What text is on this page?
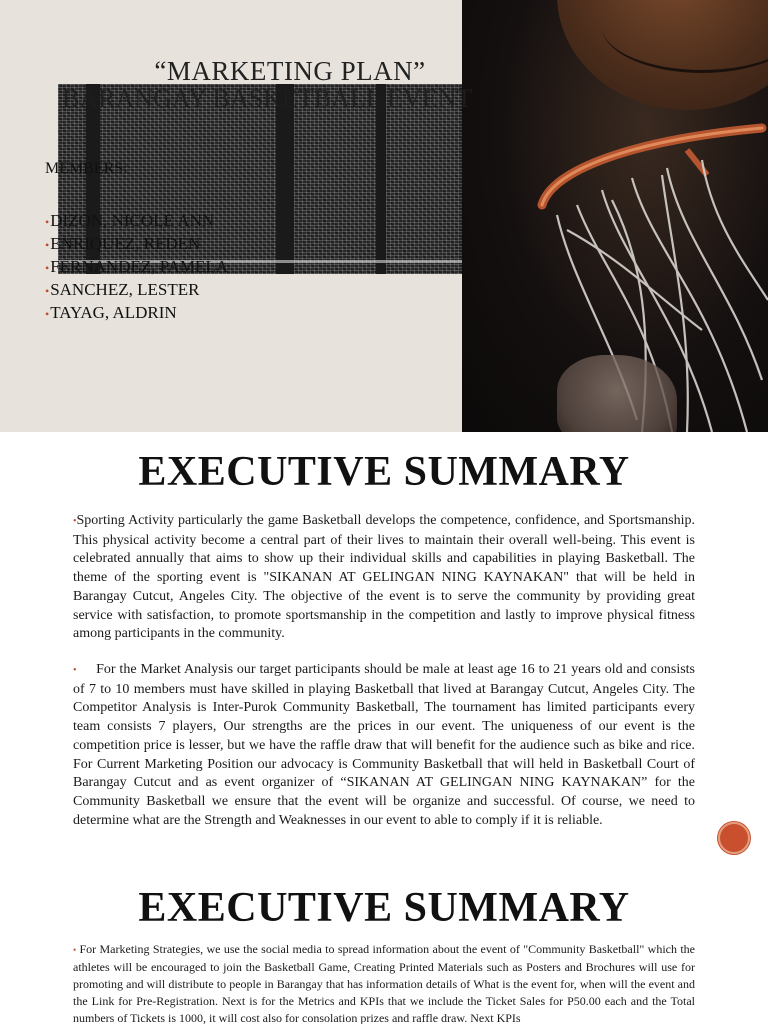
“MARKETING PLAN”
BARANGAY BASKETBALL EVENT
MEMBERS:
•DIZON, NICOLE ANN
•ENRIQUEZ, REDEN
•FERNANDEZ, PAMELA
•SANCHEZ, LESTER
•TAYAG, ALDRIN
EXECUTIVE SUMMARY

•Sporting Activity particularly the game Basketball develops the competence, confidence, and Sportsmanship. This physical activity become a central part of their lives to maintain their overall well-being. This event is celebrated annually that aims to show up their individual skills and capabilities in playing Basketball. The theme of the sporting event is "SIKANAN AT GELINGAN NING KAYNAKAN" that will be held in Barangay Cutcut, Angeles City. The objective of the event is to serve the community by providing great service with satisfaction, to promote sportsmanship in the competition and lastly to improve physical fitness among participants in the community.

• For the Market Analysis our target participants should be male at least age 16 to 21 years old and consists of 7 to 10 members must have skilled in playing Basketball that lived at Barangay Cutcut, Angeles City. The Competitor Analysis is Inter-Purok Community Basketball, The tournament has limited participants every team consists 7 players, Our strengths are the prices in our event. The uniqueness of our event is the competition price is lesser, but we have the raffle draw that will benefit for the audience such as bike and rice. For Current Marketing Position our advocacy is Community Basketball that will held in Basketball Court of Barangay Cutcut and as event organizer of “SIKANAN AT GELINGAN NING KAYNAKAN” for the Community Basketball we ensure that the event will be organize and successful. Of course, we need to determine what are the Strength and Weaknesses in our event to able to comply if it is reliable.

EXECUTIVE SUMMARY

• For Marketing Strategies, we use the social media to spread information about the event of "Community Basketball" which the athletes will be encouraged to join the Basketball Game, Creating Printed Materials such as Posters and Brochures will use for promoting and will distribute to people in Barangay that has information details of What is the event for, when will the event and the Link for Pre-Registration. Next is for the Metrics and KPIs that we include the Ticket Sales for P50.00 each and the Total numbers of Tickets is 1000, it will cost also for consolation prizes and raffle draw. Next KPIs
